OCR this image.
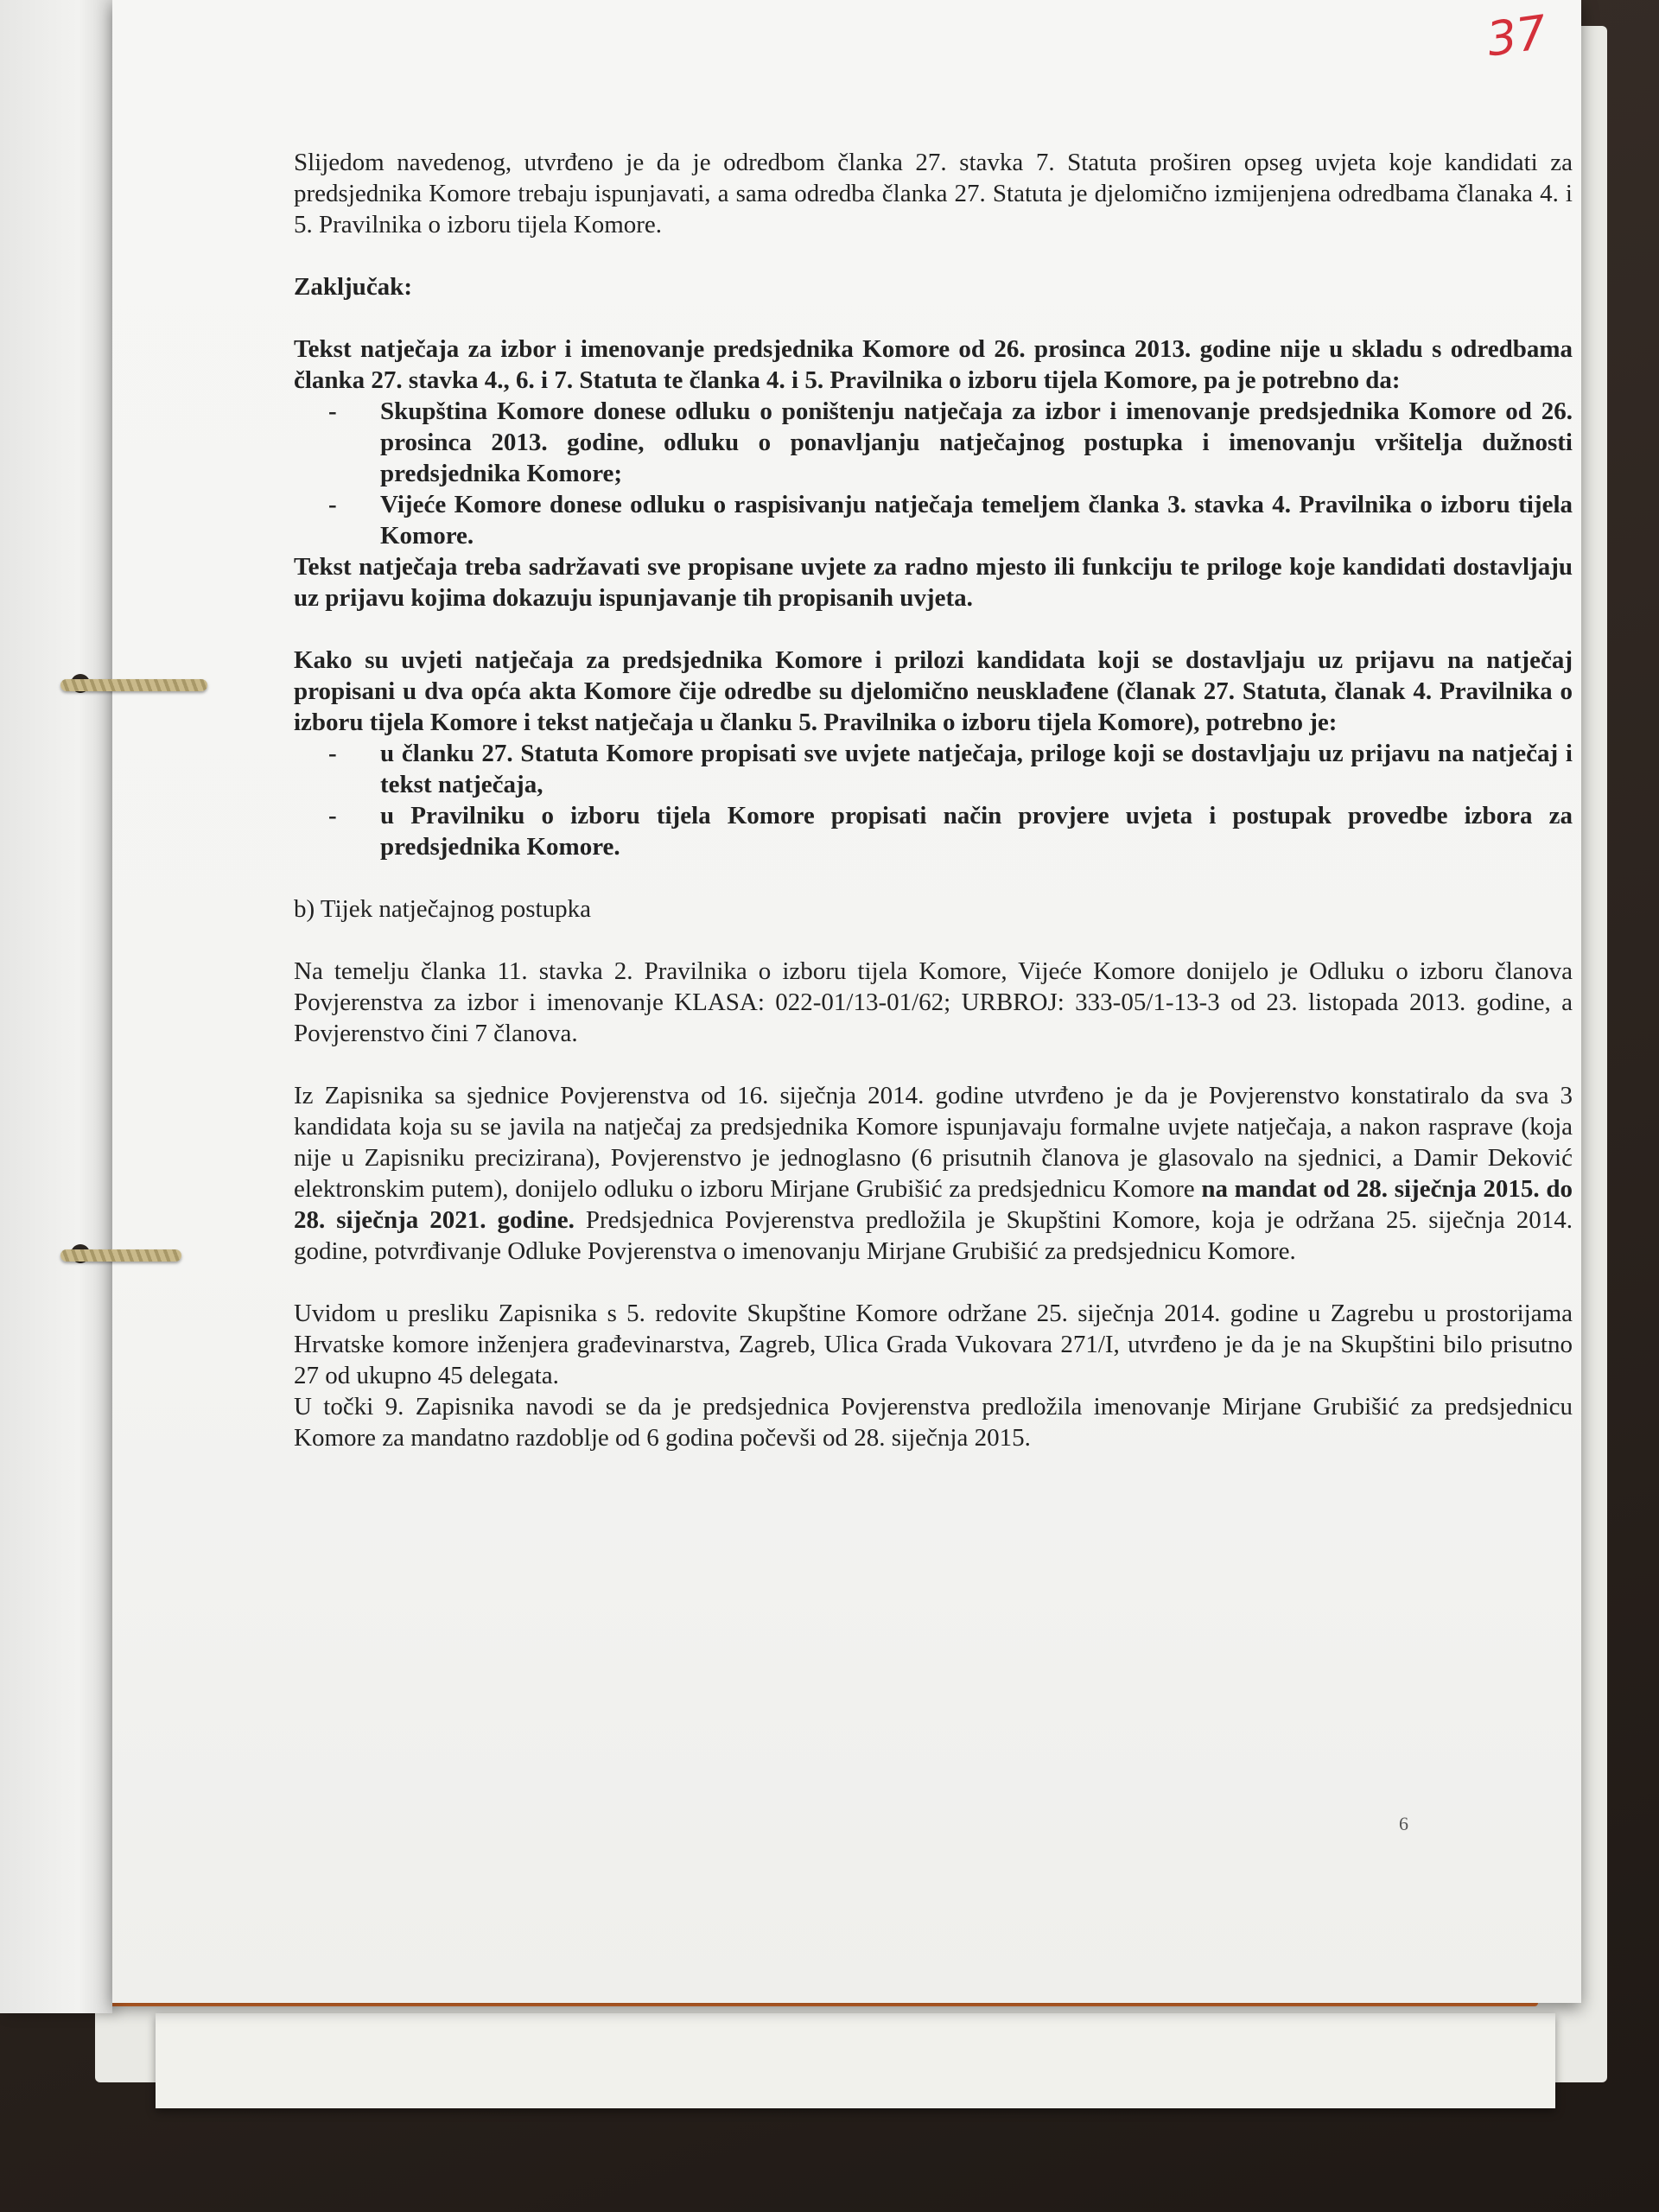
37

Slijedom navedenog, utvrđeno je da je odredbom članka 27. stavka 7. Statuta proširen opseg uvjeta koje kandidati za predsjednika Komore trebaju ispunjavati, a sama odredba članka 27. Statuta je djelomično izmijenjena odredbama članaka 4. i 5. Pravilnika o izboru tijela Komore.

Zaključak:

Tekst natječaja za izbor i imenovanje predsjednika Komore od 26. prosinca 2013. godine nije u skladu s odredbama članka 27. stavka 4., 6. i 7. Statuta te članka 4. i 5. Pravilnika o izboru tijela Komore, pa je potrebno da:

- Skupština Komore donese odluku o poništenju natječaja za izbor i imenovanje predsjednika Komore od 26. prosinca 2013. godine, odluku o ponavljanju natječajnog postupka i imenovanju vršitelja dužnosti predsjednika Komore;
- Vijeće Komore donese odluku o raspisivanju natječaja temeljem članka 3. stavka 4. Pravilnika o izboru tijela Komore.

Tekst natječaja treba sadržavati sve propisane uvjete za radno mjesto ili funkciju te priloge koje kandidati dostavljaju uz prijavu kojima dokazuju ispunjavanje tih propisanih uvjeta.

Kako su uvjeti natječaja za predsjednika Komore i prilozi kandidata koji se dostavljaju uz prijavu na natječaj propisani u dva opća akta Komore čije odredbe su djelomično neusklađene (članak 27. Statuta, članak 4. Pravilnika o izboru tijela Komore i tekst natječaja u članku 5. Pravilnika o izboru tijela Komore), potrebno je:

- u članku 27. Statuta Komore propisati sve uvjete natječaja, priloge koji se dostavljaju uz prijavu na natječaj i tekst natječaja,
- u Pravilniku o izboru tijela Komore propisati način provjere uvjeta i postupak provedbe izbora za predsjednika Komore.

b) Tijek natječajnog postupka

Na temelju članka 11. stavka 2. Pravilnika o izboru tijela Komore, Vijeće Komore donijelo je Odluku o izboru članova Povjerenstva za izbor i imenovanje KLASA: 022-01/13-01/62; URBROJ: 333-05/1-13-3 od 23. listopada 2013. godine, a Povjerenstvo čini 7 članova.

Iz Zapisnika sa sjednice Povjerenstva od 16. siječnja 2014. godine utvrđeno je da je Povjerenstvo konstatiralo da sva 3 kandidata koja su se javila na natječaj za predsjednika Komore ispunjavaju formalne uvjete natječaja, a nakon rasprave (koja nije u Zapisniku precizirana), Povjerenstvo je jednoglasno (6 prisutnih članova je glasovalo na sjednici, a Damir Deković elektronskim putem), donijelo odluku o izboru Mirjane Grubišić za predsjednicu Komore na mandat od 28. siječnja 2015. do 28. siječnja 2021. godine. Predsjednica Povjerenstva predložila je Skupštini Komore, koja je održana 25. siječnja 2014. godine, potvrđivanje Odluke Povjerenstva o imenovanju Mirjane Grubišić za predsjednicu Komore.

Uvidom u presliku Zapisnika s 5. redovite Skupštine Komore održane 25. siječnja 2014. godine u Zagrebu u prostorijama Hrvatske komore inženjera građevinarstva, Zagreb, Ulica Grada Vukovara 271/I, utvrđeno je da je na Skupštini bilo prisutno 27 od ukupno 45 delegata.

U točki 9. Zapisnika navodi se da je predsjednica Povjerenstva predložila imenovanje Mirjane Grubišić za predsjednicu Komore za mandatno razdoblje od 6 godina počevši od 28. siječnja 2015.

6
